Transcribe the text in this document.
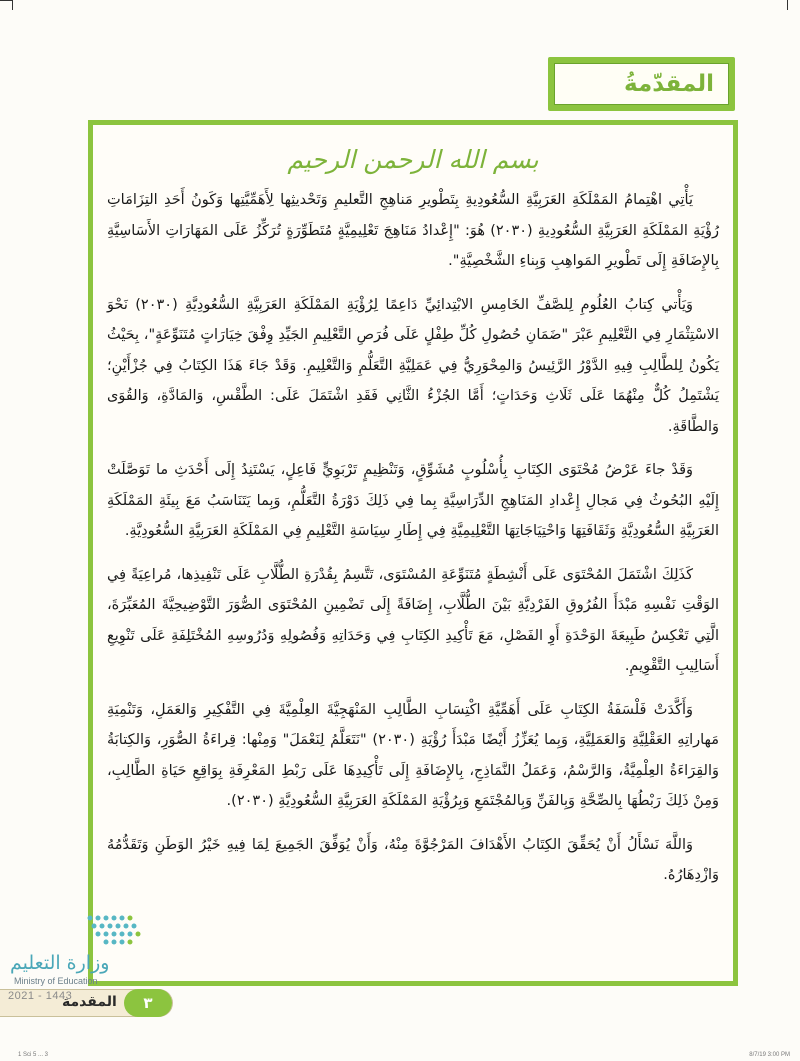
المقدّمةُ
بسم الله الرحمن الرحيم

يَأْتِي اهْتِمامُ المَمْلَكَةِ العَرَبِيَّةِ السُّعُودِيةِ بِتَطْويرِ مَناهِجِ التَّعليمِ وَتَحْديثِها لِأَهَمِّيَّتِها وَكَونُ أَحَدِ التِزَامَاتِ رُؤْيَةِ المَمْلَكَةِ العَرَبِيَّةِ السُّعُودِيةِ (٢٠٣٠) هُوَ: "إِعْدادُ مَنَاهِجَ تَعْلِيمِيَّةٍ مُتَطَوِّرَةٍ تُرَكِّزُ عَلَى المَهَارَاتِ الأَسَاسِيَّةِ بِالإِضَافَةِ إِلَى تَطْويرِ المَواهِبِ وَبِناءِ الشَّخْصِيَّةِ".

وَيَأْتي كِتابُ العُلُومِ لِلصَّفِّ الخَامِسِ الابْتِدائِيِّ دَاعِمًا لِرُؤْيَةِ المَمْلَكَةِ العَرَبِيَّةِ السُّعُودِيَّةِ (٢٠٣٠) نَحْوَ الاسْتِثْمَارِ فِي التَّعْلِيمِ عَبْرَ "ضَمَانِ حُصُولِ كُلِّ طِفْلٍ عَلَى فُرَصِ التَّعْلِيمِ الجَيِّدِ وِفْقَ خِيَارَاتٍ مُتَنَوِّعَةٍ"، بِحَيْثُ يَكُونُ لِلطَّالِبِ فِيهِ الدَّوْرُ الرَّئِيسُ وَالمِحْوَرِيُّ فِي عَمَلِيَّةِ التَّعَلُّمِ وَالتَّعْلِيمِ. وَقَدْ جَاءَ هَذَا الكِتَابُ فِي جُزْأَيْنِ؛ يَشْتَمِلُ كُلٌّ مِنْهُمَا عَلَى ثَلَاثِ وَحَدَاتٍ؛ أَمَّا الجُزْءُ الثَّانِي فَقَدِ اشْتَمَلَ عَلَى: الطَّقْسِ، وَالمَادَّةِ، وَالقُوَى وَالطَّاقَةِ.

وَقَدْ جاءَ عَرْضُ مُحْتَوَى الكِتَابِ بِأُسْلُوبٍ مُشَوِّقٍ، وَتَنْظِيمٍ تَرْبَوِيٍّ فَاعِلٍ، يَسْتَنِدُ إِلَى أَحْدَثِ ما تَوَصَّلَتْ إِلَيْهِ البُحُوثُ فِي مَجالِ إِعْدادِ المَنَاهِجِ الدِّرَاسِيَّةِ بِما فِي ذَلِكَ دَوْرَةُ التَّعَلُّمِ، وَبِما يَتَنَاسَبُ مَعَ بِيئَةِ المَمْلَكَةِ العَرَبِيَّةِ السُّعُودِيَّةِ وَثَقَافَتِهَا وَاحْتِيَاجَاتِهَا التَّعْلِيمِيَّةِ فِي إِطَارِ سِيَاسَةِ التَّعْلِيمِ فِي المَمْلَكَةِ العَرَبِيَّةِ السُّعُودِيَّةِ.

كَذَلِكَ اشْتَمَلَ المُحْتَوَى عَلَى أَنْشِطَةٍ مُتَنَوِّعَةِ المُسْتَوَى، تَتَّسِمُ بِقُدْرَةِ الطُّلَّابِ عَلَى تَنْفِيذِها، مُراعِيَةً فِي الوَقْتِ نَفْسِهِ مَبْدَأَ الفُرُوقِ الفَرْدِيَّةِ بَيْنَ الطُّلَّابِ، إِضَافَةً إِلَى تَضْمِينِ المُحْتَوَى الصُّوَرَ التَّوْضِيحِيَّةَ المُعَبِّرَةَ، الَّتِي تَعْكِسُ طَبِيعَةَ الوَحْدَةِ أَوِ الفَصْلِ، مَعَ تَأْكِيدِ الكِتَابِ فِي وَحَدَاتِهِ وَفُصُولِهِ وَدُرُوسِهِ المُخْتَلِفَةِ عَلَى تَنْوِيعِ أَسَالِيبِ التَّقْوِيمِ.

وَأَكَّدَتْ فَلْسَفَةُ الكِتَابِ عَلَى أَهَمِّيَّةِ اكْتِسَابِ الطَّالِبِ المَنْهَجِيَّةَ العِلْمِيَّةَ فِي التَّفْكِيرِ وَالعَمَلِ، وَتَنْمِيَةِ مَهاراتِهِ العَقْلِيَّةِ وَالعَمَلِيَّةِ، وَبِما يُعَزِّزُ أَيْضًا مَبْدَأَ رُؤْيَةِ (٢٠٣٠) "نَتَعَلَّمُ لِنَعْمَلَ" وَمِنْها: قِراءَةُ الصُّوَرِ، وَالكِتابَةُ وَالقِرَاءَةُ العِلْمِيَّةُ، وَالرَّسْمُ، وَعَمَلُ النَّمَاذِجِ، بِالإِضَافَةِ إِلَى تَأْكِيدِهَا عَلَى رَبْطِ المَعْرِفَةِ بِوَاقِعِ حَيَاةِ الطَّالِبِ، وَمِنْ ذَلِكَ رَبْطُهَا بِالصِّحَّةِ وَبِالفَنِّ وَبِالمُجْتَمَعِ وَبِرُؤْيَةِ المَمْلَكَةِ العَرَبِيَّةِ السُّعُودِيَّةِ (٢٠٣٠).

وَاللَّهَ نَسْأَلُ أَنْ يُحَقِّقَ الكِتَابُ الأَهْدَافَ المَرْجُوَّةَ مِنْهُ، وَأَنْ يُوَفِّقَ الجَمِيعَ لِمَا فِيهِ خَيْرُ الوَطَنِ وَتَقَدُّمُهُ وَازْدِهَارُهُ.

وزارة التعليم
Ministry of Education
2021 - 1443
المقدمة	٣
1 Sci 5 ... 3	8/7/19 3:00 PM
